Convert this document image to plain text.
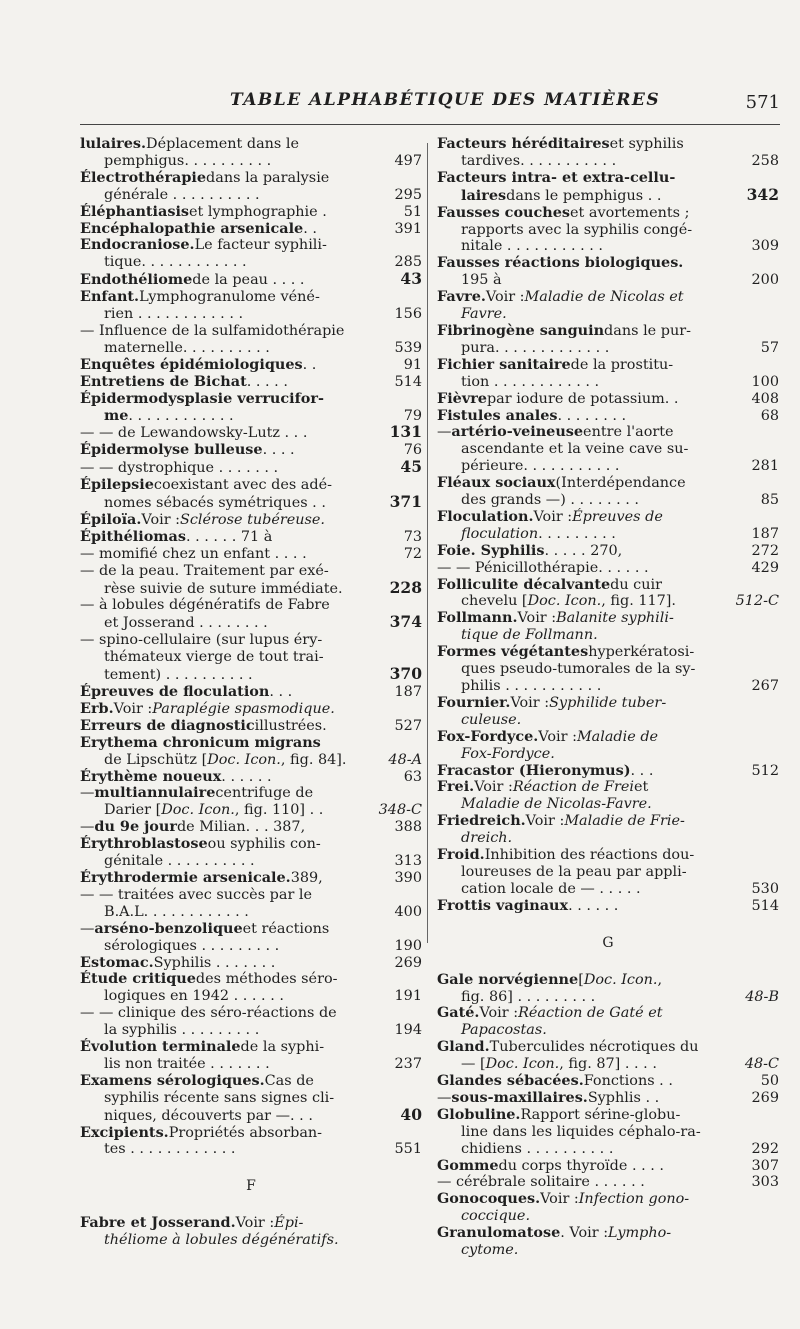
TABLE ALPHABÉTIQUE DES MATIÈRES	571
lulaires. Déplacement dans le
pemphigus. . . . . . . . . .	497
Électrothérapie dans la paralysie
générale . . . . . . . . . .	295
Éléphantiasis et lymphographie .	51
Encéphalopathie arsenicale . .	391
Endocraniose. Le facteur syphili-
tique. . . . . . . . . . . .	285
Endothéliome de la peau . . . .	43
Enfant. Lymphogranulome véné-
rien . . . . . . . . . . . .	156
— Influence de la sulfamidothérapie
maternelle. . . . . . . . . .	539
Enquêtes épidémiologiques . .	91
Entretiens de Bichat . . . . .	514
Épidermodysplasie verrucifor-
me . . . . . . . . . . . .	79
— — de Lewandowsky-Lutz . . .	131
Épidermolyse bulleuse . . . .	76
— — dystrophique . . . . . . .	45
Épilepsie coexistant avec des adé-
nomes sébacés symétriques . .	371
Épiloïa. Voir : Sclérose tubéreuse.
Épithéliomas . . . . . . 71 à	73
— momifié chez un enfant . . . .	72
— de la peau. Traitement par exé-
rèse suivie de suture immédiate.	228
— à lobules dégénératifs de Fabre
et Josserand . . . . . . . .	374
— spino-cellulaire (sur lupus éry-
thémateux vierge de tout trai-
tement) . . . . . . . . . .	370
Épreuves de floculation . . .	187
Erb. Voir : Paraplégie spasmodique.
Erreurs de diagnostic illustrées.	527
Erythema chronicum migrans
de Lipschütz [ Doc. Icon. , fig. 84].	48-A
Érythème noueux . . . . . .	63
— multiannulaire centrifuge de
Darier [ Doc. Icon. , fig. 110] . .	348-C
— du 9e jour de Milian. . . 387,	388
Érythroblastose ou syphilis con-
génitale . . . . . . . . . .	313
Érythrodermie arsenicale. 389,	390
— — traitées avec succès par le
B.A.L. . . . . . . . . . . .	400
— arséno-benzolique et réactions
sérologiques . . . . . . . . .	190
Estomac. Syphilis . . . . . . .	269
Étude critique des méthodes séro-
logiques en 1942 . . . . . .	191
— — clinique des séro-réactions de
la syphilis . . . . . . . . .	194
Évolution terminale de la syphi-
lis non traitée . . . . . . .	237
Examens sérologiques. Cas de
syphilis récente sans signes cli-
niques, découverts par —. . .	40
Excipients. Propriétés absorban-
tes . . . . . . . . . . . .	551
F
Fabre et Josserand. Voir : Épi-
théliome à lobules dégénératifs.
Facteurs héréditaires et syphilis
tardives. . . . . . . . . . .	258
Facteurs intra- et extra-cellu-
laires dans le pemphigus . .	342
Fausses couches et avortements ;
rapports avec la syphilis congé-
nitale . . . . . . . . . . .	309
Fausses réactions biologiques.
195 à	200
Favre. Voir : Maladie de Nicolas et
Favre.
Fibrinogène sanguin dans le pur-
pura. . . . . . . . . . . . .	57
Fichier sanitaire de la prostitu-
tion . . . . . . . . . . . .	100
Fièvre par iodure de potassium. .	408
Fistules anales . . . . . . . .	68
— artério-veineuse entre l'aorte
ascendante et la veine cave su-
périeure. . . . . . . . . . .	281
Fléaux sociaux (Interdépendance
des grands —) . . . . . . . .	85
Floculation. Voir : Épreuves de
floculation . . . . . . . . .	187
Foie. Syphilis . . . . . 270,	272
— — Pénicillothérapie. . . . . .	429
Folliculite décalvante du cuir
chevelu [ Doc. Icon. , fig. 117].	512-C
Follmann. Voir : Balanite syphili-
tique de Follmann.
Formes végétantes hyperkératosi-
ques pseudo-tumorales de la sy-
philis . . . . . . . . . . .	267
Fournier. Voir : Syphilide tuber-
culeuse.
Fox-Fordyce. Voir : Maladie de
Fox-Fordyce.
Fracastor (Hieronymus) . . .	512
Frei. Voir : Réaction de Frei et
Maladie de Nicolas-Favre.
Friedreich. Voir : Maladie de Frie-
dreich.
Froid. Inhibition des réactions dou-
loureuses de la peau par appli-
cation locale de — . . . . .	530
Frottis vaginaux . . . . . .	514
G
Gale norvégienne [ Doc. Icon. ,
fig. 86] . . . . . . . . .	48-B
Gaté. Voir : Réaction de Gaté et
Papacostas.
Gland. Tuberculides nécrotiques du
— [ Doc. Icon. , fig. 87] . . . .	48-C
Glandes sébacées. Fonctions . .	50
— sous-maxillaires. Syphlis . .	269
Globuline. Rapport sérine-globu-
line dans les liquides céphalo-ra-
chidiens . . . . . . . . . .	292
Gomme du corps thyroïde . . . .	307
— cérébrale solitaire . . . . . .	303
Gonocoques. Voir : Infection gono-
coccique.
Granulomatose . Voir : Lympho-
cytome.
